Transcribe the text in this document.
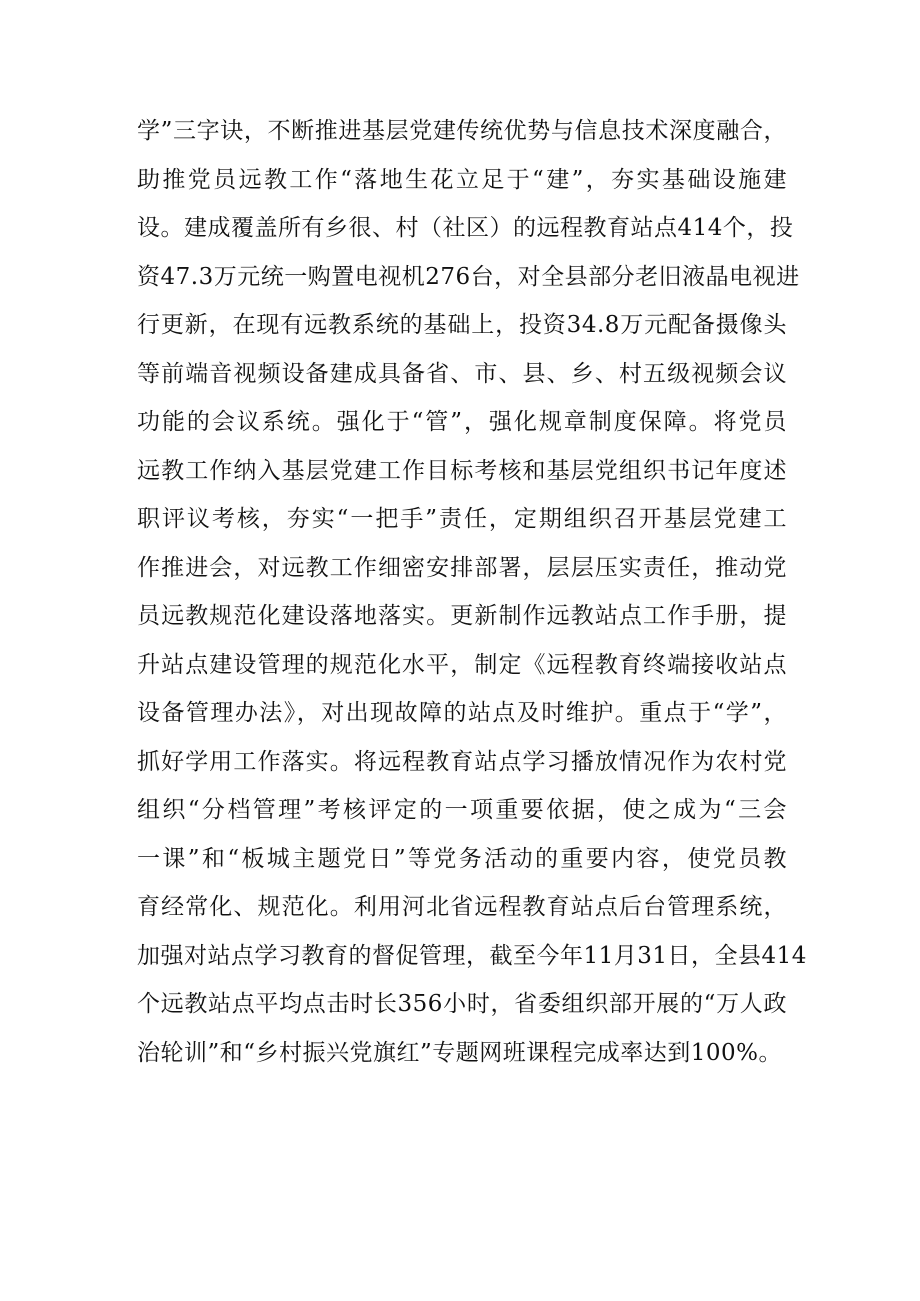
学”三字诀，不断推进基层党建传统优势与信息技术深度融合，
助推党员远教工作“落地生花立足于“建”，夯实基础设施建
设。建成覆盖所有乡很、村（社区）的远程教育站点414个，投
资47.3万元统一购置电视机276台，对全县部分老旧液晶电视进
行更新，在现有远教系统的基础上，投资34.8万元配备摄像头
等前端音视频设备建成具备省、市、县、乡、村五级视频会议
功能的会议系统。强化于“管”，强化规章制度保障。将党员
远教工作纳入基层党建工作目标考核和基层党组织书记年度述
职评议考核，夯实“一把手”责任，定期组织召开基层党建工
作推进会，对远教工作细密安排部署，层层压实责任，推动党
员远教规范化建设落地落实。更新制作远教站点工作手册，提
升站点建设管理的规范化水平，制定《远程教育终端接收站点
设备管理办法》，对出现故障的站点及时维护。重点于“学”，
抓好学用工作落实。将远程教育站点学习播放情况作为农村党
组织“分档管理”考核评定的一项重要依据，使之成为“三会
一课”和“板城主题党日”等党务活动的重要内容，使党员教
育经常化、规范化。利用河北省远程教育站点后台管理系统，
加强对站点学习教育的督促管理，截至今年11月31日，全县414
个远教站点平均点击时长356小时，省委组织部开展的“万人政
治轮训”和“乡村振兴党旗红”专题网班课程完成率达到100%。
